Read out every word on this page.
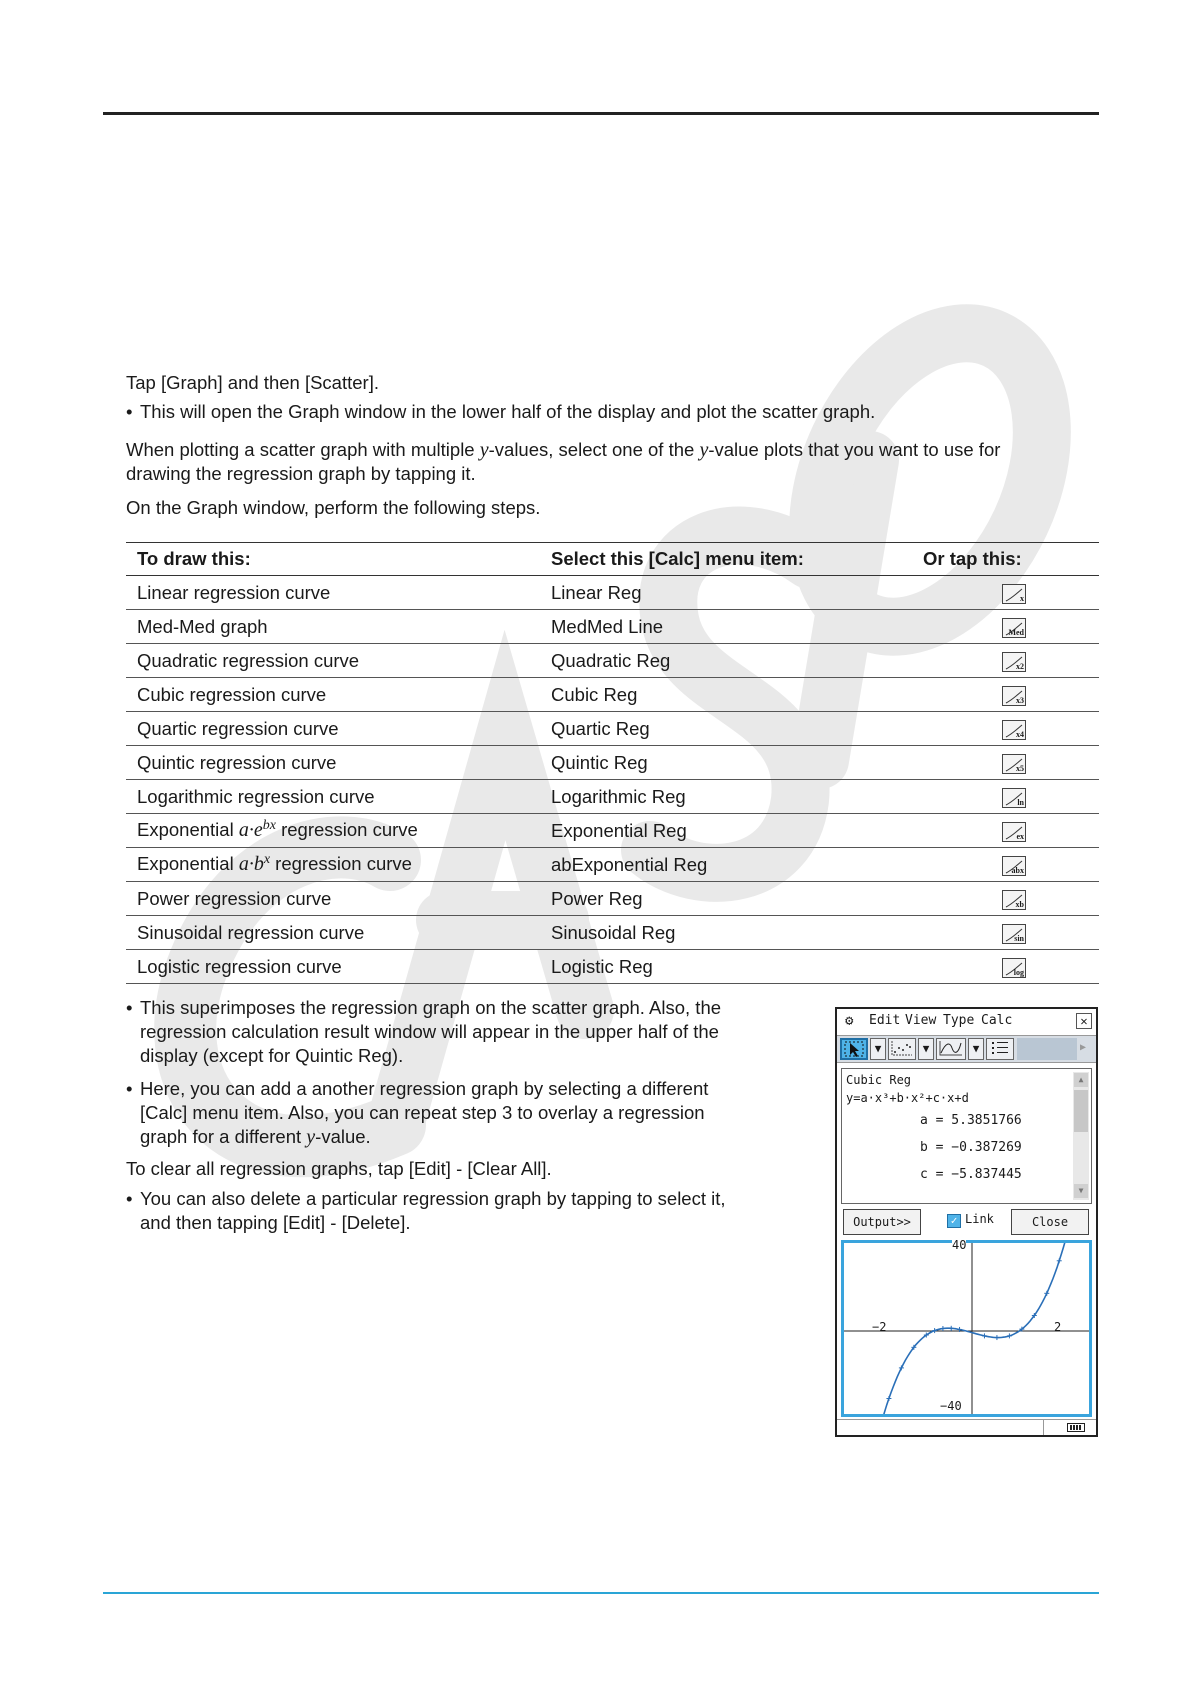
Tap [Graph] and then [Scatter].
• This will open the Graph window in the lower half of the display and plot the scatter graph.
When plotting a scatter graph with multiple y-values, select one of the y-value plots that you want to use for
drawing the regression graph by tapping it.
On the Graph window, perform the following steps.
To draw this:	Select this [Calc] menu item:	Or tap this:
Linear regression curve	Linear Reg	x

Med-Med graph	MedMed Line	Med

Quadratic regression curve	Quadratic Reg	x2

Cubic regression curve	Cubic Reg	x3

Quartic regression curve	Quartic Reg	x4

Quintic regression curve	Quintic Reg	x5

Logarithmic regression curve	Logarithmic Reg	ln

Exponential $a\cdot e^{bx}$ regression curve	Exponential Reg	ex

Exponential $a\cdot b^x$ regression curve	abExponential Reg	abx

Power regression curve	Power Reg	xb

Sinusoidal regression curve	Sinusoidal Reg	sin

Logistic regression curve	Logistic Reg	log
• This superimposes the regression graph on the scatter graph. Also, the
regression calculation result window will appear in the upper half of the
display (except for Quintic Reg).
• Here, you can add a another regression graph by selecting a different
[Calc] menu item. Also, you can repeat step 3 to overlay a regression
graph for a different y-value.
To clear all regression graphs, tap [Edit] - [Clear All].
• You can also delete a particular regression graph by tapping to select it,
and then tapping [Edit] - [Delete].
⚙ Edit View Type Calc	✕
▼	▼	▼	▶
Cubic Reg
y=a·x³+b·x²+c·x+d
a = 5.3851766
b = −0.387269
c = −5.837445
▲
▼
Output>>	✓ Link	Close
40
−40
−2	2
